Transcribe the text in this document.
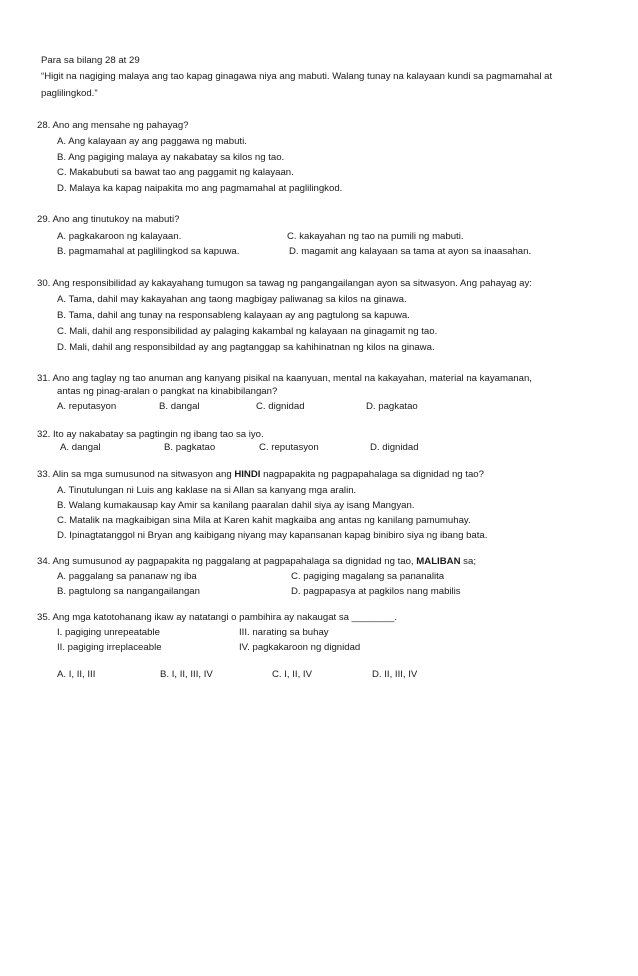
Para sa bilang 28 at 29
“Higit na nagiging malaya ang tao kapag ginagawa niya ang mabuti. Walang tunay na kalayaan kundi sa pagmamahal at
paglilingkod.”
28. Ano ang mensahe ng pahayag?
A. Ang kalayaan ay ang paggawa ng mabuti.
B. Ang pagiging malaya ay nakabatay sa kilos ng tao.
C. Makabubuti sa bawat tao ang paggamit ng kalayaan.
D. Malaya ka kapag naipakita mo ang pagmamahal at paglilingkod.
29. Ano ang tinutukoy na mabuti?
A. pagkakaroon ng kalayaan.	C. kakayahan ng tao na pumili ng mabuti.
B. pagmamahal at paglilingkod sa kapuwa.	D. magamit ang kalayaan sa tama at ayon sa inaasahan.
30. Ang responsibilidad ay kakayahang tumugon sa tawag ng pangangailangan ayon sa sitwasyon. Ang pahayag ay:
A. Tama, dahil may kakayahan ang taong magbigay paliwanag sa kilos na ginawa.
B. Tama, dahil ang tunay na responsableng kalayaan ay ang pagtulong sa kapuwa.
C. Mali, dahil ang responsibilidad ay palaging kakambal ng kalayaan na ginagamit ng tao.
D. Mali, dahil ang responsibildad ay ang pagtanggap sa kahihinatnan ng kilos na ginawa.
31. Ano ang taglay ng tao anuman ang kanyang pisikal na kaanyuan, mental na kakayahan, material na kayamanan,
antas ng pinag-aralan o pangkat na kinabibilangan?
A. reputasyon	B. dangal	C. dignidad	D. pagkatao
32. Ito ay nakabatay sa pagtingin ng ibang tao sa iyo.
A. dangal	B. pagkatao	C. reputasyon	D. dignidad
33. Alin sa mga sumusunod na sitwasyon ang HINDI nagpapakita ng pagpapahalaga sa dignidad ng tao?
A. Tinutulungan ni Luis ang kaklase na si Allan sa kanyang mga aralin.
B. Walang kumakausap kay Amir sa kanilang paaralan dahil siya ay isang Mangyan.
C. Matalik na magkaibigan sina Mila at Karen kahit magkaiba ang antas ng kanilang pamumuhay.
D. Ipinagtatanggol ni Bryan ang kaibigang niyang may kapansanan kapag binibiro siya ng ibang bata.
34. Ang sumusunod ay pagpapakita ng paggalang at pagpapahalaga sa dignidad ng tao, MALIBAN sa;
A. paggalang sa pananaw ng iba	C. pagiging magalang sa pananalita
B. pagtulong sa nangangailangan	D. pagpapasya at pagkilos nang mabilis
35. Ang mga katotohanang ikaw ay natatangi o pambihira ay nakaugat sa ________.
I. pagiging unrepeatable	III. narating sa buhay
II. pagiging irreplaceable	IV. pagkakaroon ng dignidad
A. I, II, III	B. I, II, III, IV	C. I, II, IV	D. II, III, IV
